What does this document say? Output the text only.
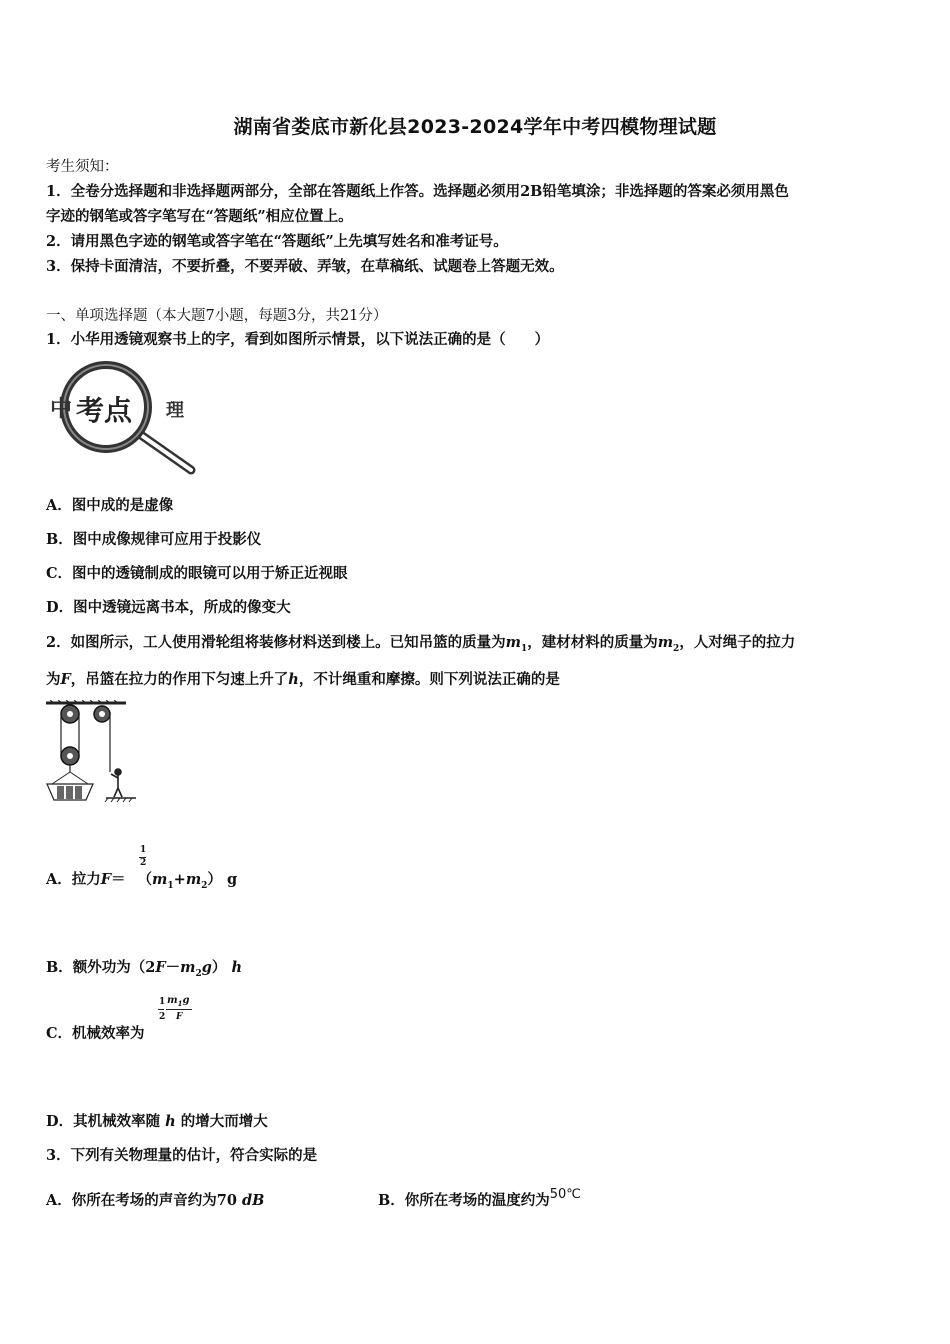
湖南省娄底市新化县2023-2024学年中考四模物理试题
考生须知：
1．全卷分选择题和非选择题两部分，全部在答题纸上作答。选择题必须用2B铅笔填涂；非选择题的答案必须用黑色
字迹的钢笔或答字笔写在“答题纸”相应位置上。
2．请用黑色字迹的钢笔或答字笔在“答题纸”上先填写姓名和准考证号。
3．保持卡面清洁，不要折叠，不要弄破、弄皱，在草稿纸、试题卷上答题无效。
一、单项选择题（本大题7小题，每题3分，共21分）
1．小华用透镜观察书上的字，看到如图所示情景，以下说法正确的是（　　）
中 考点 理
A．图中成的是虚像
B．图中成像规律可应用于投影仪
C．图中的透镜制成的眼镜可以用于矫正近视眼
D．图中透镜远离书本，所成的像变大
2．如图所示，工人使用滑轮组将装修材料送到楼上。已知吊篮的质量为$m_1$，建材材料的质量为$m_2$，人对绳子的拉力
为F，吊篮在拉力的作用下匀速上升了h，不计绳重和摩擦。则下列说法正确的是
A．拉力$F= (m_1+m_2)$ g
1
2
B．额外功为$(2F-m_2g)$ h
C．机械效率为
1
2
$m_1g$
F
D．其机械效率随 h 的增大而增大
3．下列有关物理量的估计，符合实际的是
A．你所在考场的声音约为70 dB	B．你所在考场的温度约为50℃
